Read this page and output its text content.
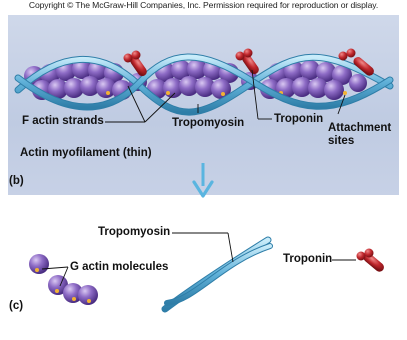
Copyright © The McGraw-Hill Companies, Inc. Permission required for reproduction or display.
F actin strands	Tropomyosin	Troponin
Attachment sites
Actin myofilament (thin)
(b)
Tropomyosin
G actin molecules
Troponin
(c)
